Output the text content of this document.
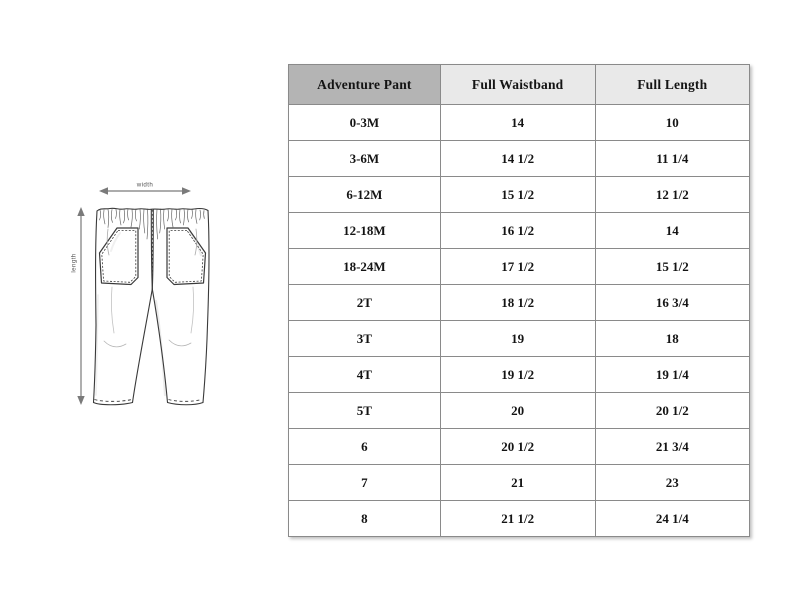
width
length
Adventure Pant	Full Waistband	Full Length
0-3M	14	10
3-6M	14 1/2	11 1/4
6-12M	15 1/2	12 1/2
12-18M	16 1/2	14
18-24M	17 1/2	15 1/2
2T	18 1/2	16 3/4
3T	19	18
4T	19 1/2	19 1/4
5T	20	20 1/2
6	20 1/2	21 3/4
7	21	23
8	21 1/2	24 1/4
